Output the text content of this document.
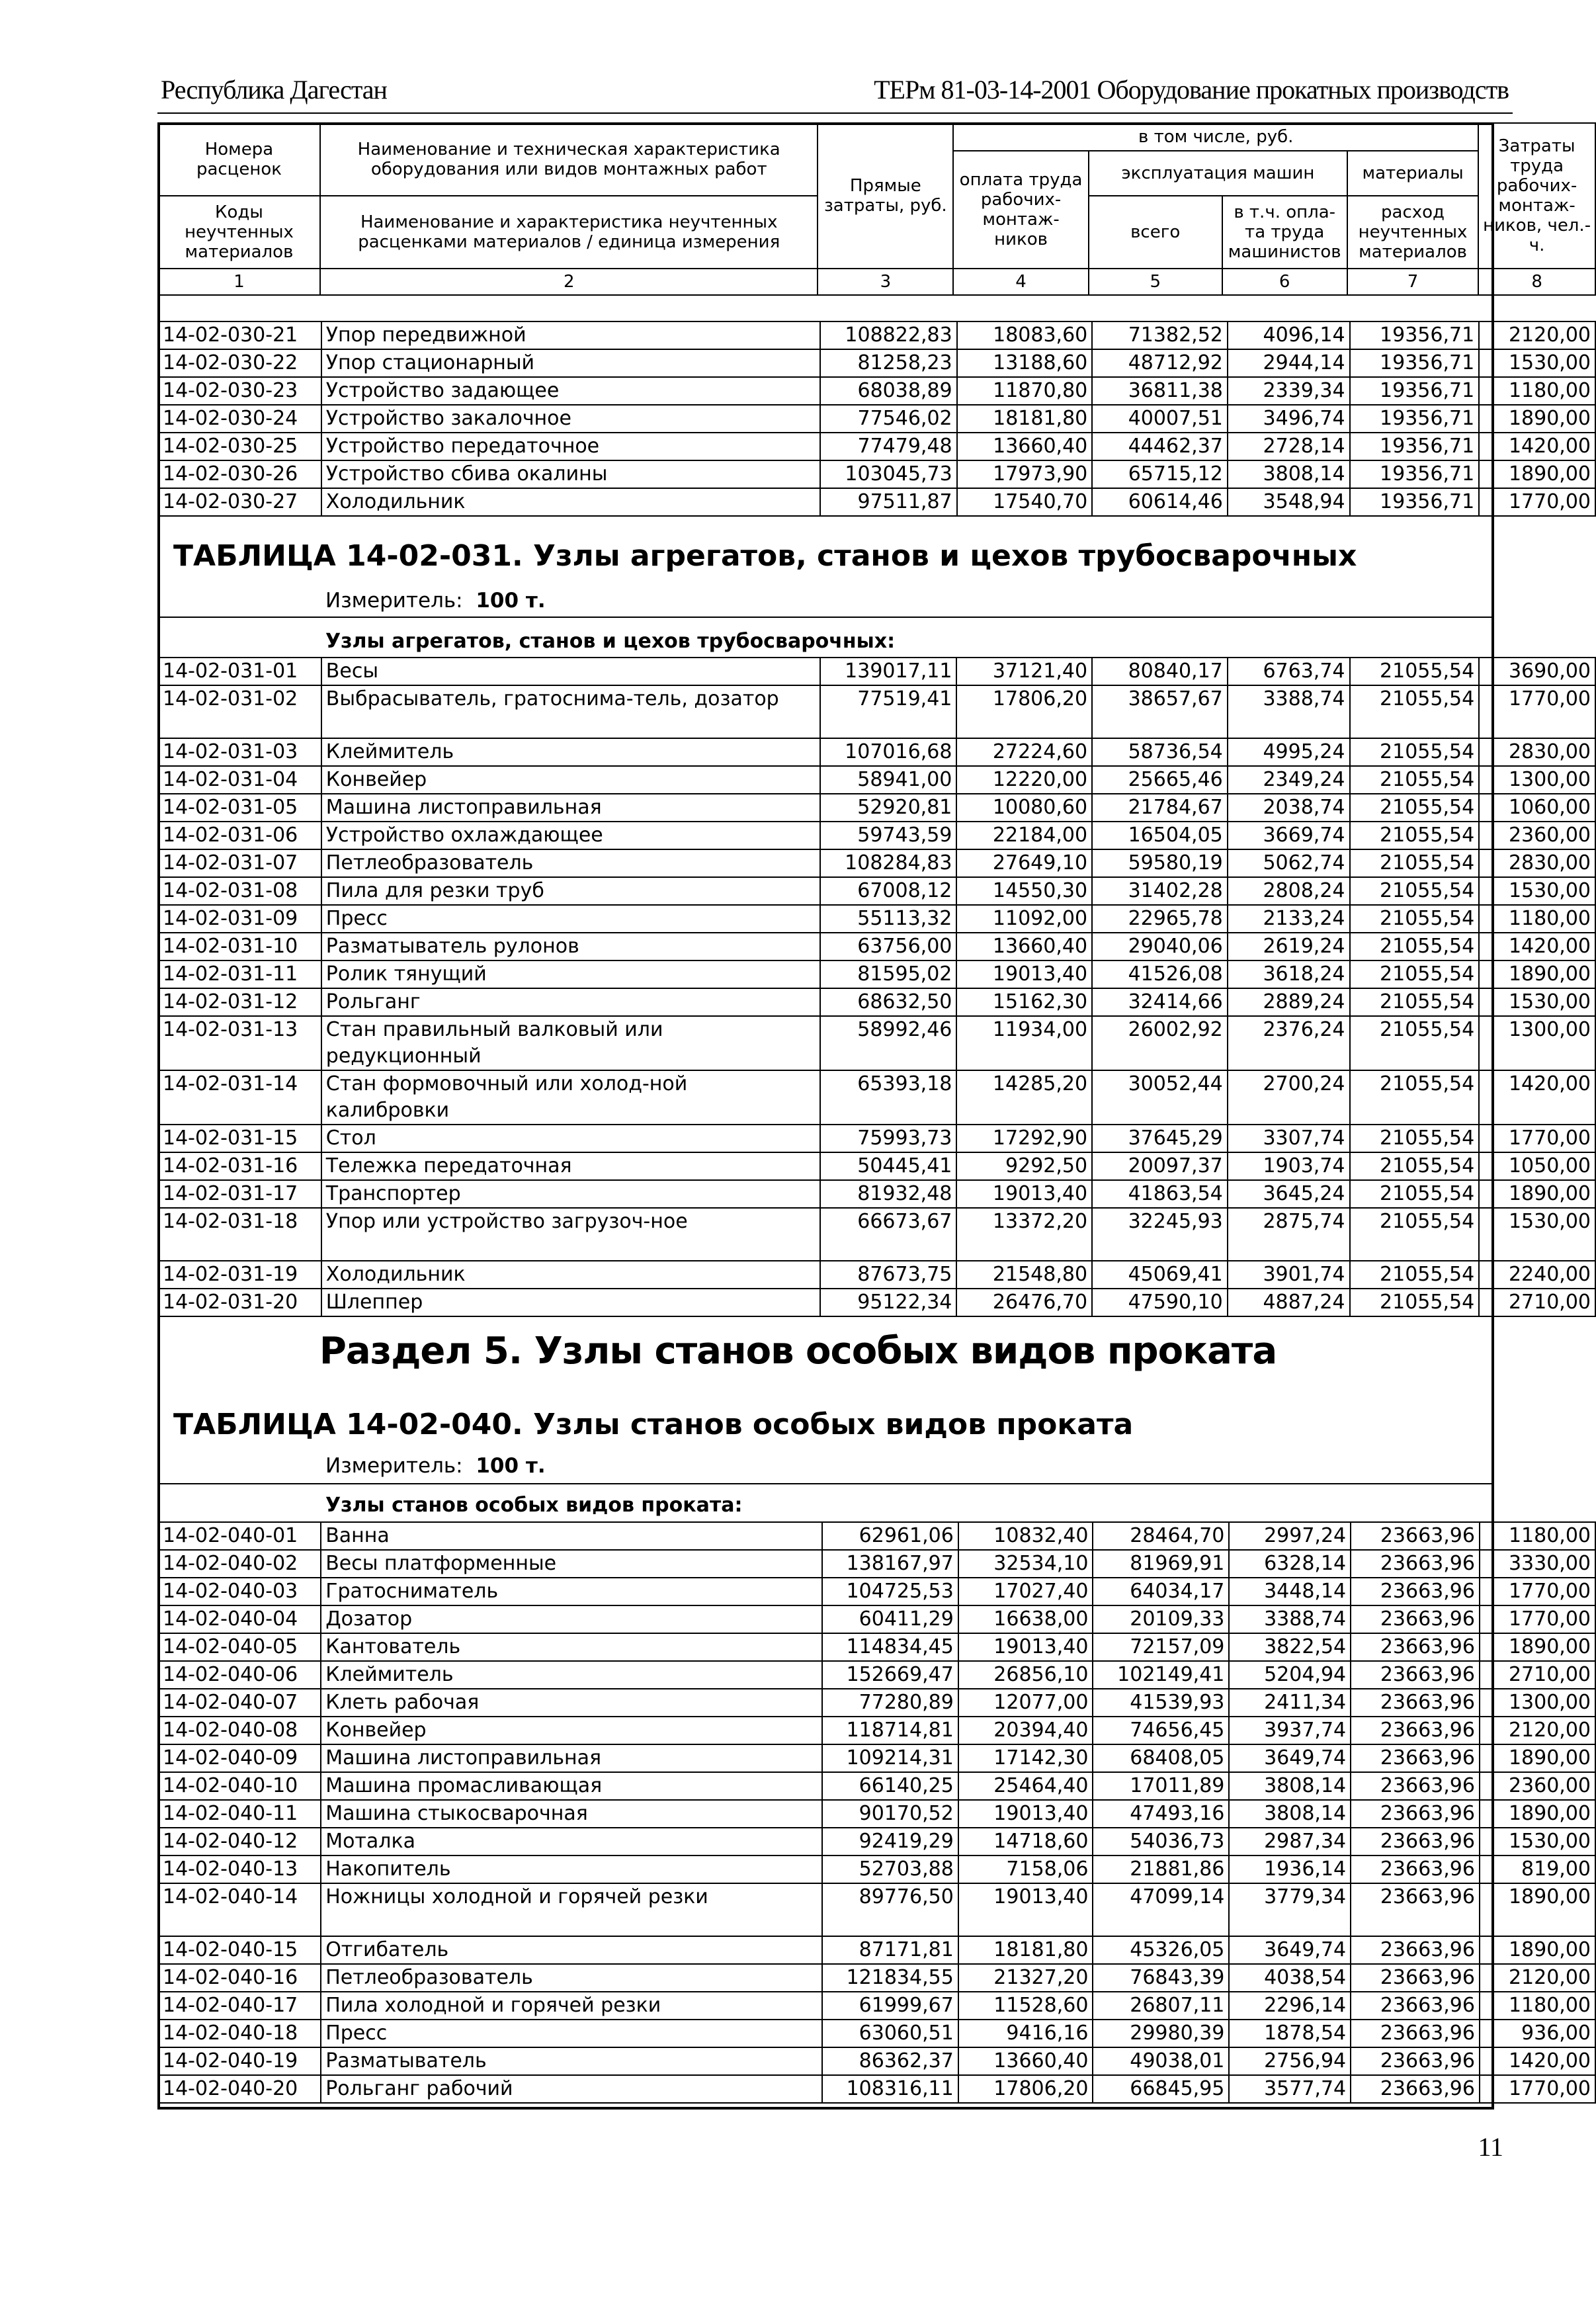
Республика Дагестан	ТЕРм 81-03-14-2001 Оборудование прокатных производств
Номера расценок	Наименование и техническая характеристика оборудования или видов монтажных работ	Прямые затраты, руб.	в том числе, руб.				Затраты труда рабочих-монтаж-ников, чел.-ч.
			оплата труда рабочих-монтаж-ников	эксплуатация машин		материалы	
Коды неучтенных материалов	Наименование и характеристика неучтенных расценками материалов / единица измерения			всего	в т.ч. опла-та труда машинистов	расход неучтенных материалов	

1	2	3	4	5	6	7	8
14-02-030-21	Упор передвижной	108822,83	18083,60	71382,52	4096,14	19356,71	2120,00
14-02-030-22	Упор стационарный	81258,23	13188,60	48712,92	2944,14	19356,71	1530,00
14-02-030-23	Устройство задающее	68038,89	11870,80	36811,38	2339,34	19356,71	1180,00
14-02-030-24	Устройство закалочное	77546,02	18181,80	40007,51	3496,74	19356,71	1890,00
14-02-030-25	Устройство передаточное	77479,48	13660,40	44462,37	2728,14	19356,71	1420,00
14-02-030-26	Устройство сбива окалины	103045,73	17973,90	65715,12	3808,14	19356,71	1890,00
14-02-030-27	Холодильник	97511,87	17540,70	60614,46	3548,94	19356,71	1770,00
ТАБЛИЦА 14-02-031. Узлы агрегатов, станов и цехов трубосварочных
Измеритель: 100 т.
Узлы агрегатов, станов и цехов трубосварочных:
14-02-031-01	Весы	139017,11	37121,40	80840,17	6763,74	21055,54	3690,00
14-02-031-02	Выбрасыватель, гратоснима-тель, дозатор	77519,41	17806,20	38657,67	3388,74	21055,54	1770,00
14-02-031-03	Клеймитель	107016,68	27224,60	58736,54	4995,24	21055,54	2830,00
14-02-031-04	Конвейер	58941,00	12220,00	25665,46	2349,24	21055,54	1300,00
14-02-031-05	Машина листоправильная	52920,81	10080,60	21784,67	2038,74	21055,54	1060,00
14-02-031-06	Устройство охлаждающее	59743,59	22184,00	16504,05	3669,74	21055,54	2360,00
14-02-031-07	Петлеобразователь	108284,83	27649,10	59580,19	5062,74	21055,54	2830,00
14-02-031-08	Пила для резки труб	67008,12	14550,30	31402,28	2808,24	21055,54	1530,00
14-02-031-09	Пресс	55113,32	11092,00	22965,78	2133,24	21055,54	1180,00
14-02-031-10	Разматыватель рулонов	63756,00	13660,40	29040,06	2619,24	21055,54	1420,00
14-02-031-11	Ролик тянущий	81595,02	19013,40	41526,08	3618,24	21055,54	1890,00
14-02-031-12	Рольганг	68632,50	15162,30	32414,66	2889,24	21055,54	1530,00
14-02-031-13	Стан правильный валковый или редукционный	58992,46	11934,00	26002,92	2376,24	21055,54	1300,00
14-02-031-14	Стан формовочный или холод-ной калибровки	65393,18	14285,20	30052,44	2700,24	21055,54	1420,00
14-02-031-15	Стол	75993,73	17292,90	37645,29	3307,74	21055,54	1770,00
14-02-031-16	Тележка передаточная	50445,41	9292,50	20097,37	1903,74	21055,54	1050,00
14-02-031-17	Транспортер	81932,48	19013,40	41863,54	3645,24	21055,54	1890,00
14-02-031-18	Упор или устройство загрузоч-ное	66673,67	13372,20	32245,93	2875,74	21055,54	1530,00
14-02-031-19	Холодильник	87673,75	21548,80	45069,41	3901,74	21055,54	2240,00
14-02-031-20	Шлеппер	95122,34	26476,70	47590,10	4887,24	21055,54	2710,00
Раздел 5. Узлы станов особых видов проката
ТАБЛИЦА 14-02-040. Узлы станов особых видов проката
Измеритель: 100 т.
Узлы станов особых видов проката:
14-02-040-01	Ванна	62961,06	10832,40	28464,70	2997,24	23663,96	1180,00
14-02-040-02	Весы платформенные	138167,97	32534,10	81969,91	6328,14	23663,96	3330,00
14-02-040-03	Гратосниматель	104725,53	17027,40	64034,17	3448,14	23663,96	1770,00
14-02-040-04	Дозатор	60411,29	16638,00	20109,33	3388,74	23663,96	1770,00
14-02-040-05	Кантователь	114834,45	19013,40	72157,09	3822,54	23663,96	1890,00
14-02-040-06	Клеймитель	152669,47	26856,10	102149,41	5204,94	23663,96	2710,00
14-02-040-07	Клеть рабочая	77280,89	12077,00	41539,93	2411,34	23663,96	1300,00
14-02-040-08	Конвейер	118714,81	20394,40	74656,45	3937,74	23663,96	2120,00
14-02-040-09	Машина листоправильная	109214,31	17142,30	68408,05	3649,74	23663,96	1890,00
14-02-040-10	Машина промасливающая	66140,25	25464,40	17011,89	3808,14	23663,96	2360,00
14-02-040-11	Машина стыкосварочная	90170,52	19013,40	47493,16	3808,14	23663,96	1890,00
14-02-040-12	Моталка	92419,29	14718,60	54036,73	2987,34	23663,96	1530,00
14-02-040-13	Накопитель	52703,88	7158,06	21881,86	1936,14	23663,96	819,00
14-02-040-14	Ножницы холодной и горячей резки	89776,50	19013,40	47099,14	3779,34	23663,96	1890,00
14-02-040-15	Отгибатель	87171,81	18181,80	45326,05	3649,74	23663,96	1890,00
14-02-040-16	Петлеобразователь	121834,55	21327,20	76843,39	4038,54	23663,96	2120,00
14-02-040-17	Пила холодной и горячей резки	61999,67	11528,60	26807,11	2296,14	23663,96	1180,00
14-02-040-18	Пресс	63060,51	9416,16	29980,39	1878,54	23663,96	936,00
14-02-040-19	Разматыватель	86362,37	13660,40	49038,01	2756,94	23663,96	1420,00
14-02-040-20	Рольганг рабочий	108316,11	17806,20	66845,95	3577,74	23663,96	1770,00
11
